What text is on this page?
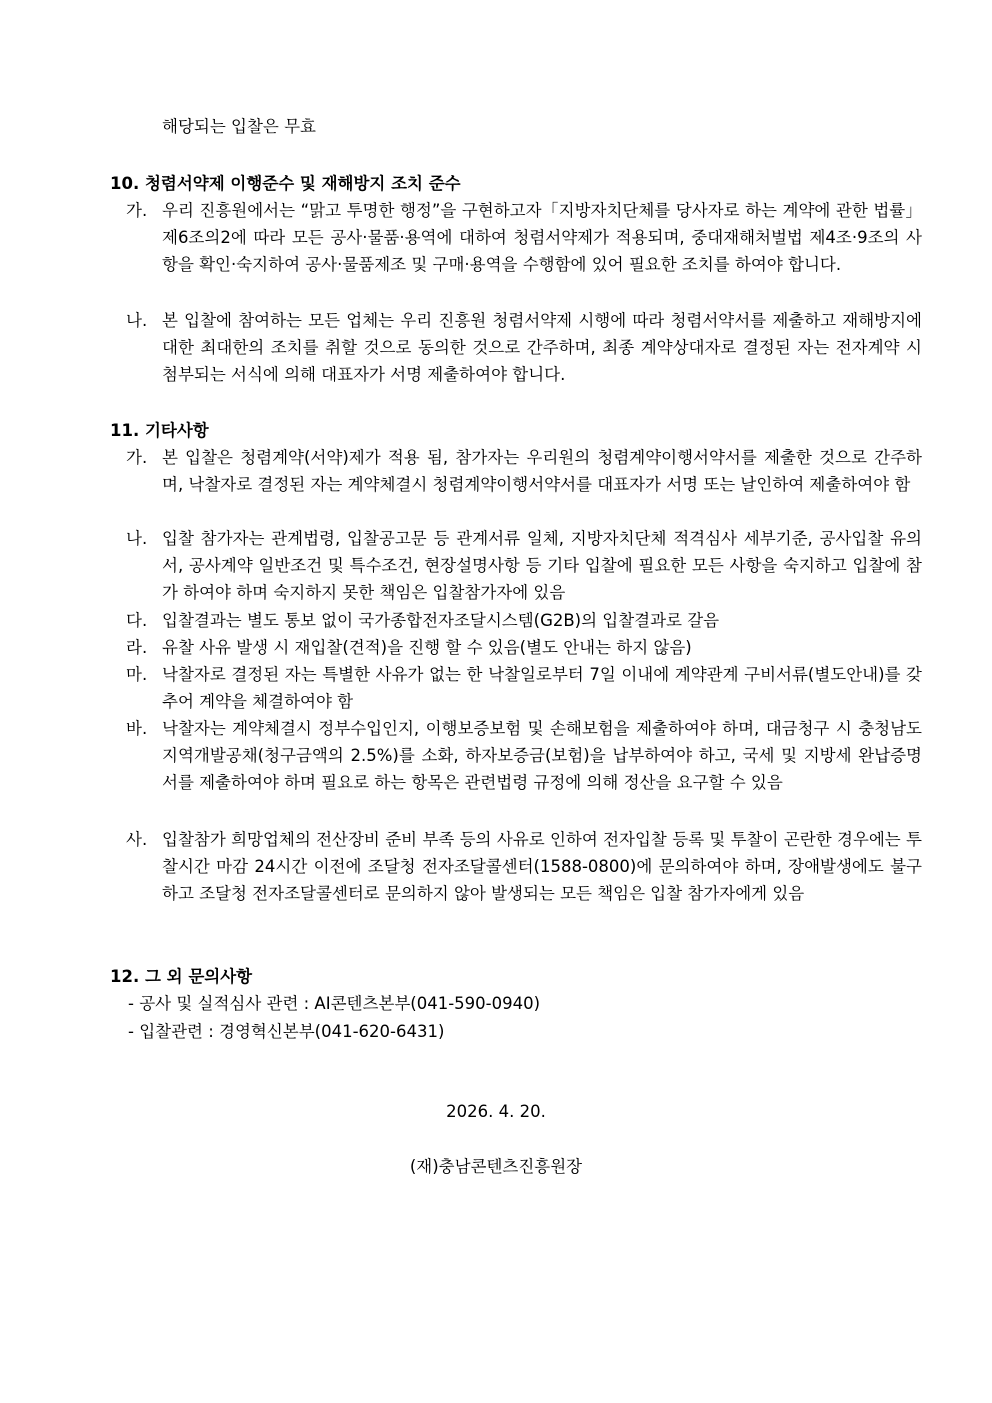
해당되는 입찰은 무효
10. 청렴서약제 이행준수 및 재해방지 조치 준수
가. 우리 진흥원에서는 “맑고 투명한 행정”을 구현하고자「지방자치단체를 당사자로 하는 계약에 관한 법률」 제6조의2에 따라 모든 공사·물품·용역에 대하여 청렴서약제가 적용되며, 중대재해처벌법 제4조·9조의 사항을 확인·숙지하여 공사·물품제조 및 구매·용역을 수행함에 있어 필요한 조치를 하여야 합니다.
나. 본 입찰에 참여하는 모든 업체는 우리 진흥원 청렴서약제 시행에 따라 청렴서약서를 제출하고 재해방지에 대한 최대한의 조치를 취할 것으로 동의한 것으로 간주하며, 최종 계약상대자로 결정된 자는 전자계약 시 첨부되는 서식에 의해 대표자가 서명 제출하여야 합니다.
11. 기타사항
가. 본 입찰은 청렴계약(서약)제가 적용 됨, 참가자는 우리원의 청렴계약이행서약서를 제출한 것으로 간주하며, 낙찰자로 결정된 자는 계약체결시 청렴계약이행서약서를 대표자가 서명 또는 날인하여 제출하여야 함
나. 입찰 참가자는 관계법령, 입찰공고문 등 관계서류 일체, 지방자치단체 적격심사 세부기준, 공사입찰 유의서, 공사계약 일반조건 및 특수조건, 현장설명사항 등 기타 입찰에 필요한 모든 사항을 숙지하고 입찰에 참가 하여야 하며 숙지하지 못한 책임은 입찰참가자에 있음
다. 입찰결과는 별도 통보 없이 국가종합전자조달시스템(G2B)의 입찰결과로 갈음
라. 유찰 사유 발생 시 재입찰(견적)을 진행 할 수 있음(별도 안내는 하지 않음)
마. 낙찰자로 결정된 자는 특별한 사유가 없는 한 낙찰일로부터 7일 이내에 계약관계 구비서류(별도안내)를 갖추어 계약을 체결하여야 함
바. 낙찰자는 계약체결시 정부수입인지, 이행보증보험 및 손해보험을 제출하여야 하며, 대금청구 시 충청남도 지역개발공채(청구금액의 2.5%)를 소화, 하자보증금(보험)을 납부하여야 하고, 국세 및 지방세 완납증명서를 제출하여야 하며 필요로 하는 항목은 관련법령 규정에 의해 정산을 요구할 수 있음
사. 입찰참가 희망업체의 전산장비 준비 부족 등의 사유로 인하여 전자입찰 등록 및 투찰이 곤란한 경우에는 투찰시간 마감 24시간 이전에 조달청 전자조달콜센터(1588-0800)에 문의하여야 하며, 장애발생에도 불구하고 조달청 전자조달콜센터로 문의하지 않아 발생되는 모든 책임은 입찰 참가자에게 있음
12. 그 외 문의사항
- 공사 및 실적심사 관련 : AI콘텐츠본부(041-590-0940)
- 입찰관련 : 경영혁신본부(041-620-6431)
2026. 4. 20.
(재)충남콘텐츠진흥원장
